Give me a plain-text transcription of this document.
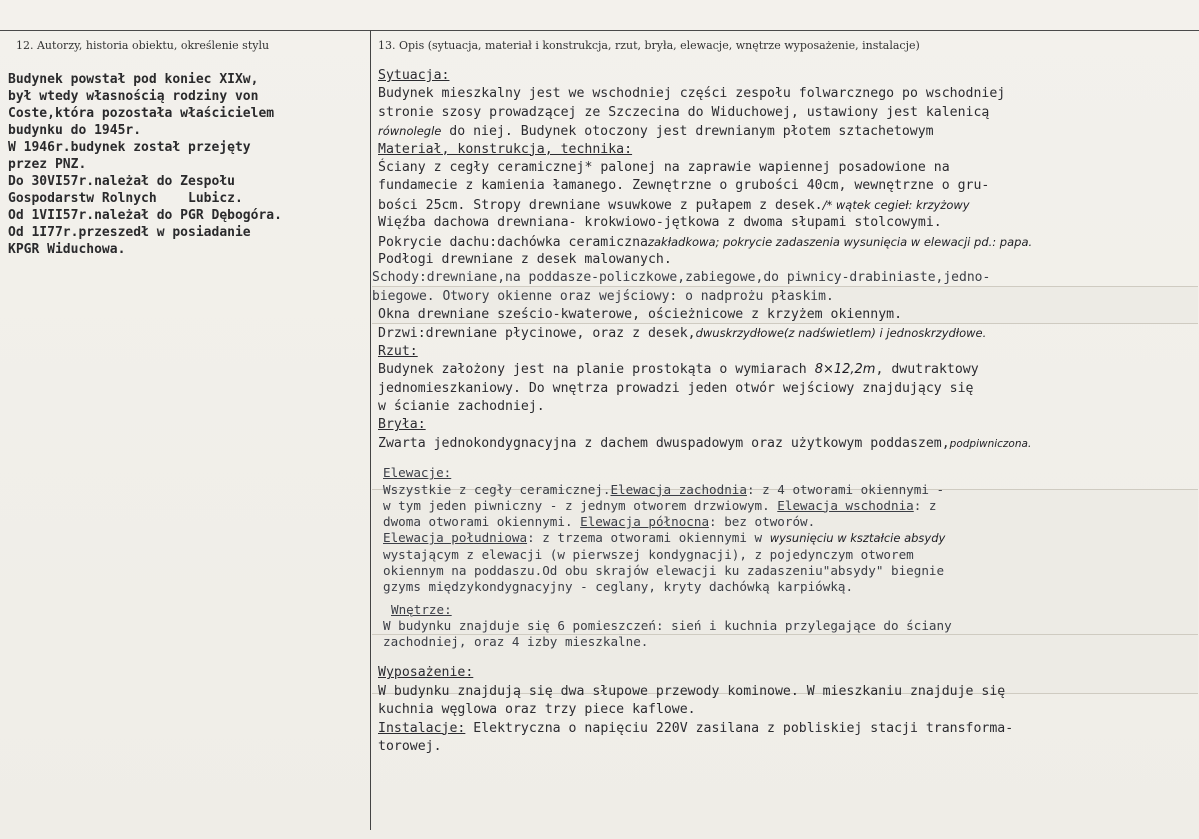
12. Autorzy, historia obiektu, określenie stylu	13. Opis (sytuacja, materiał i konstrukcja, rzut, bryła, elewacje, wnętrze wyposażenie, instalacje)
Budynek powstał pod koniec XIXw,
był wtedy własnością rodziny von
Coste,która pozostała właścicielem
budynku do 1945r.
W 1946r.budynek został przejęty
przez PNZ.
Do 30VI57r.należał do Zespołu
Gospodarstw Rolnych    Lubicz.
Od 1VII57r.należał do PGR Dębogóra.
Od 1I77r.przeszedł w posiadanie
KPGR Widuchowa.
Sytuacja:
Budynek mieszkalny jest we wschodniej części zespołu folwarcznego po wschodniej
stronie szosy prowadzącej ze Szczecina do Widuchowej, ustawiony jest kalenicą
równolegle do niej. Budynek otoczony jest drewnianym płotem sztachetowym
Materiał, konstrukcja, technika:
Ściany z cegły ceramicznej* palonej na zaprawie wapiennej posadowione na
fundamecie z kamienia łamanego. Zewnętrzne o grubości 40cm, wewnętrzne o gru-
bości 25cm. Stropy drewniane wsuwkowe z pułapem z desek./* wątek cegieł: krzyżowy
Więźba dachowa drewniana- krokwiowo-jętkowa z dwoma słupami stolcowymi.
Pokrycie dachu:dachówka ceramicznazakładkowa; pokrycie zadaszenia wysunięcia w elewacji pd.: papa.
Podłogi drewniane z desek malowanych.
Schody:drewniane,na poddasze-policzkowe,zabiegowe,do piwnicy-drabiniaste,jedno-
biegowe. Otwory okienne oraz wejściowy: o nadprożu płaskim.
Okna drewniane sześcio-kwaterowe, ościeżnicowe z krzyżem okiennym.
Drzwi:drewniane płycinowe, oraz z desek,dwuskrzydłowe(z nadświetlem) i jednoskrzydłowe.
Rzut:
Budynek założony jest na planie prostokąta o wymiarach 8×12,2m, dwutraktowy
jednomieszkaniowy. Do wnętrza prowadzi jeden otwór wejściowy znajdujący się
w ścianie zachodniej.
Bryła:
Zwarta jednokondygnacyjna z dachem dwuspadowym oraz użytkowym poddaszem,podpiwniczona.
Elewacje:
Wszystkie z cegły ceramicznej.Elewacja zachodnia: z 4 otworami okiennymi -
w tym jeden piwniczny - z jednym otworem drzwiowym. Elewacja wschodnia: z
dwoma otworami okiennymi. Elewacja północna: bez otworów.
Elewacja południowa: z trzema otworami okiennymi w wysunięciu w kształcie absydy
wystającym z elewacji (w pierwszej kondygnacji), z pojedynczym otworem
okiennym na poddaszu.Od obu skrajów elewacji ku zadaszeniu"absydy" biegnie
gzyms międzykondygnacyjny - ceglany, kryty dachówką karpiówką.
Wnętrze:
W budynku znajduje się 6 pomieszczeń: sień i kuchnia przylegające do ściany
zachodniej, oraz 4 izby mieszkalne.
Wyposażenie:
W budynku znajdują się dwa słupowe przewody kominowe. W mieszkaniu znajduje się
kuchnia węglowa oraz trzy piece kaflowe.
Instalacje: Elektryczna o napięciu 220V zasilana z pobliskiej stacji transforma-
torowej.
